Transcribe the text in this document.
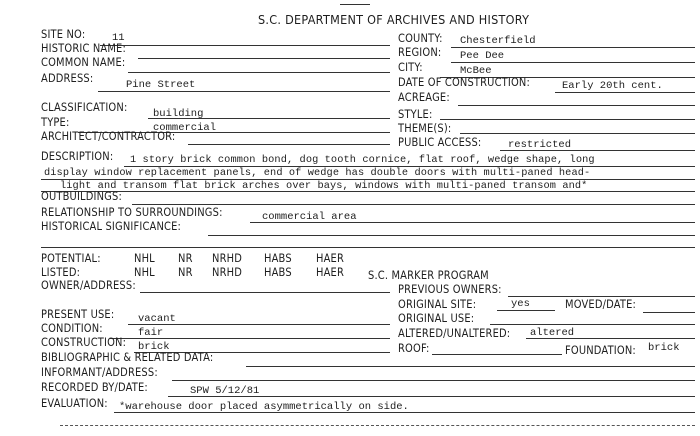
S.C. DEPARTMENT OF ARCHIVES AND HISTORY
SITE NO:	11
HISTORIC NAME:
COMMON NAME:
ADDRESS:	Pine Street
COUNTY: Chesterfield
REGION: Pee Dee
CITY:	McBee
DATE OF CONSTRUCTION:	Early 20th cent.
ACREAGE:
CLASSIFICATION: building
TYPE:	commercial
ARCHITECT/CONTRACTOR:
STYLE:
THEME(S):
PUBLIC ACCESS:	restricted
DESCRIPTION: 1 story brick common bond, dog tooth cornice, flat roof, wedge shape, long
display window replacement panels, end of wedge has double doors with multi-paned head-
light and transom flat brick arches over bays, windows with multi-paned transom and*
OUTBUILDINGS:
RELATIONSHIP TO SURROUNDINGS:	commercial area
HISTORICAL SIGNIFICANCE:
POTENTIAL:	NHL NR NRHD HABS HAER
LISTED:	NHL NR NRHD HABS HAER S.C. MARKER PROGRAM
OWNER/ADDRESS:	PREVIOUS OWNERS:
ORIGINAL SITE:	yes	MOVED/DATE:
ORIGINAL USE:
PRESENT USE: vacant
CONDITION:	fair	ALTERED/UNALTERED: altered
CONSTRUCTION: brick	ROOF:	FOUNDATION: brick
BIBLIOGRAPHIC & RELATED DATA:
INFORMANT/ADDRESS:
RECORDED BY/DATE:	SPW 5/12/81
EVALUATION: *warehouse door placed asymmetrically on side.
